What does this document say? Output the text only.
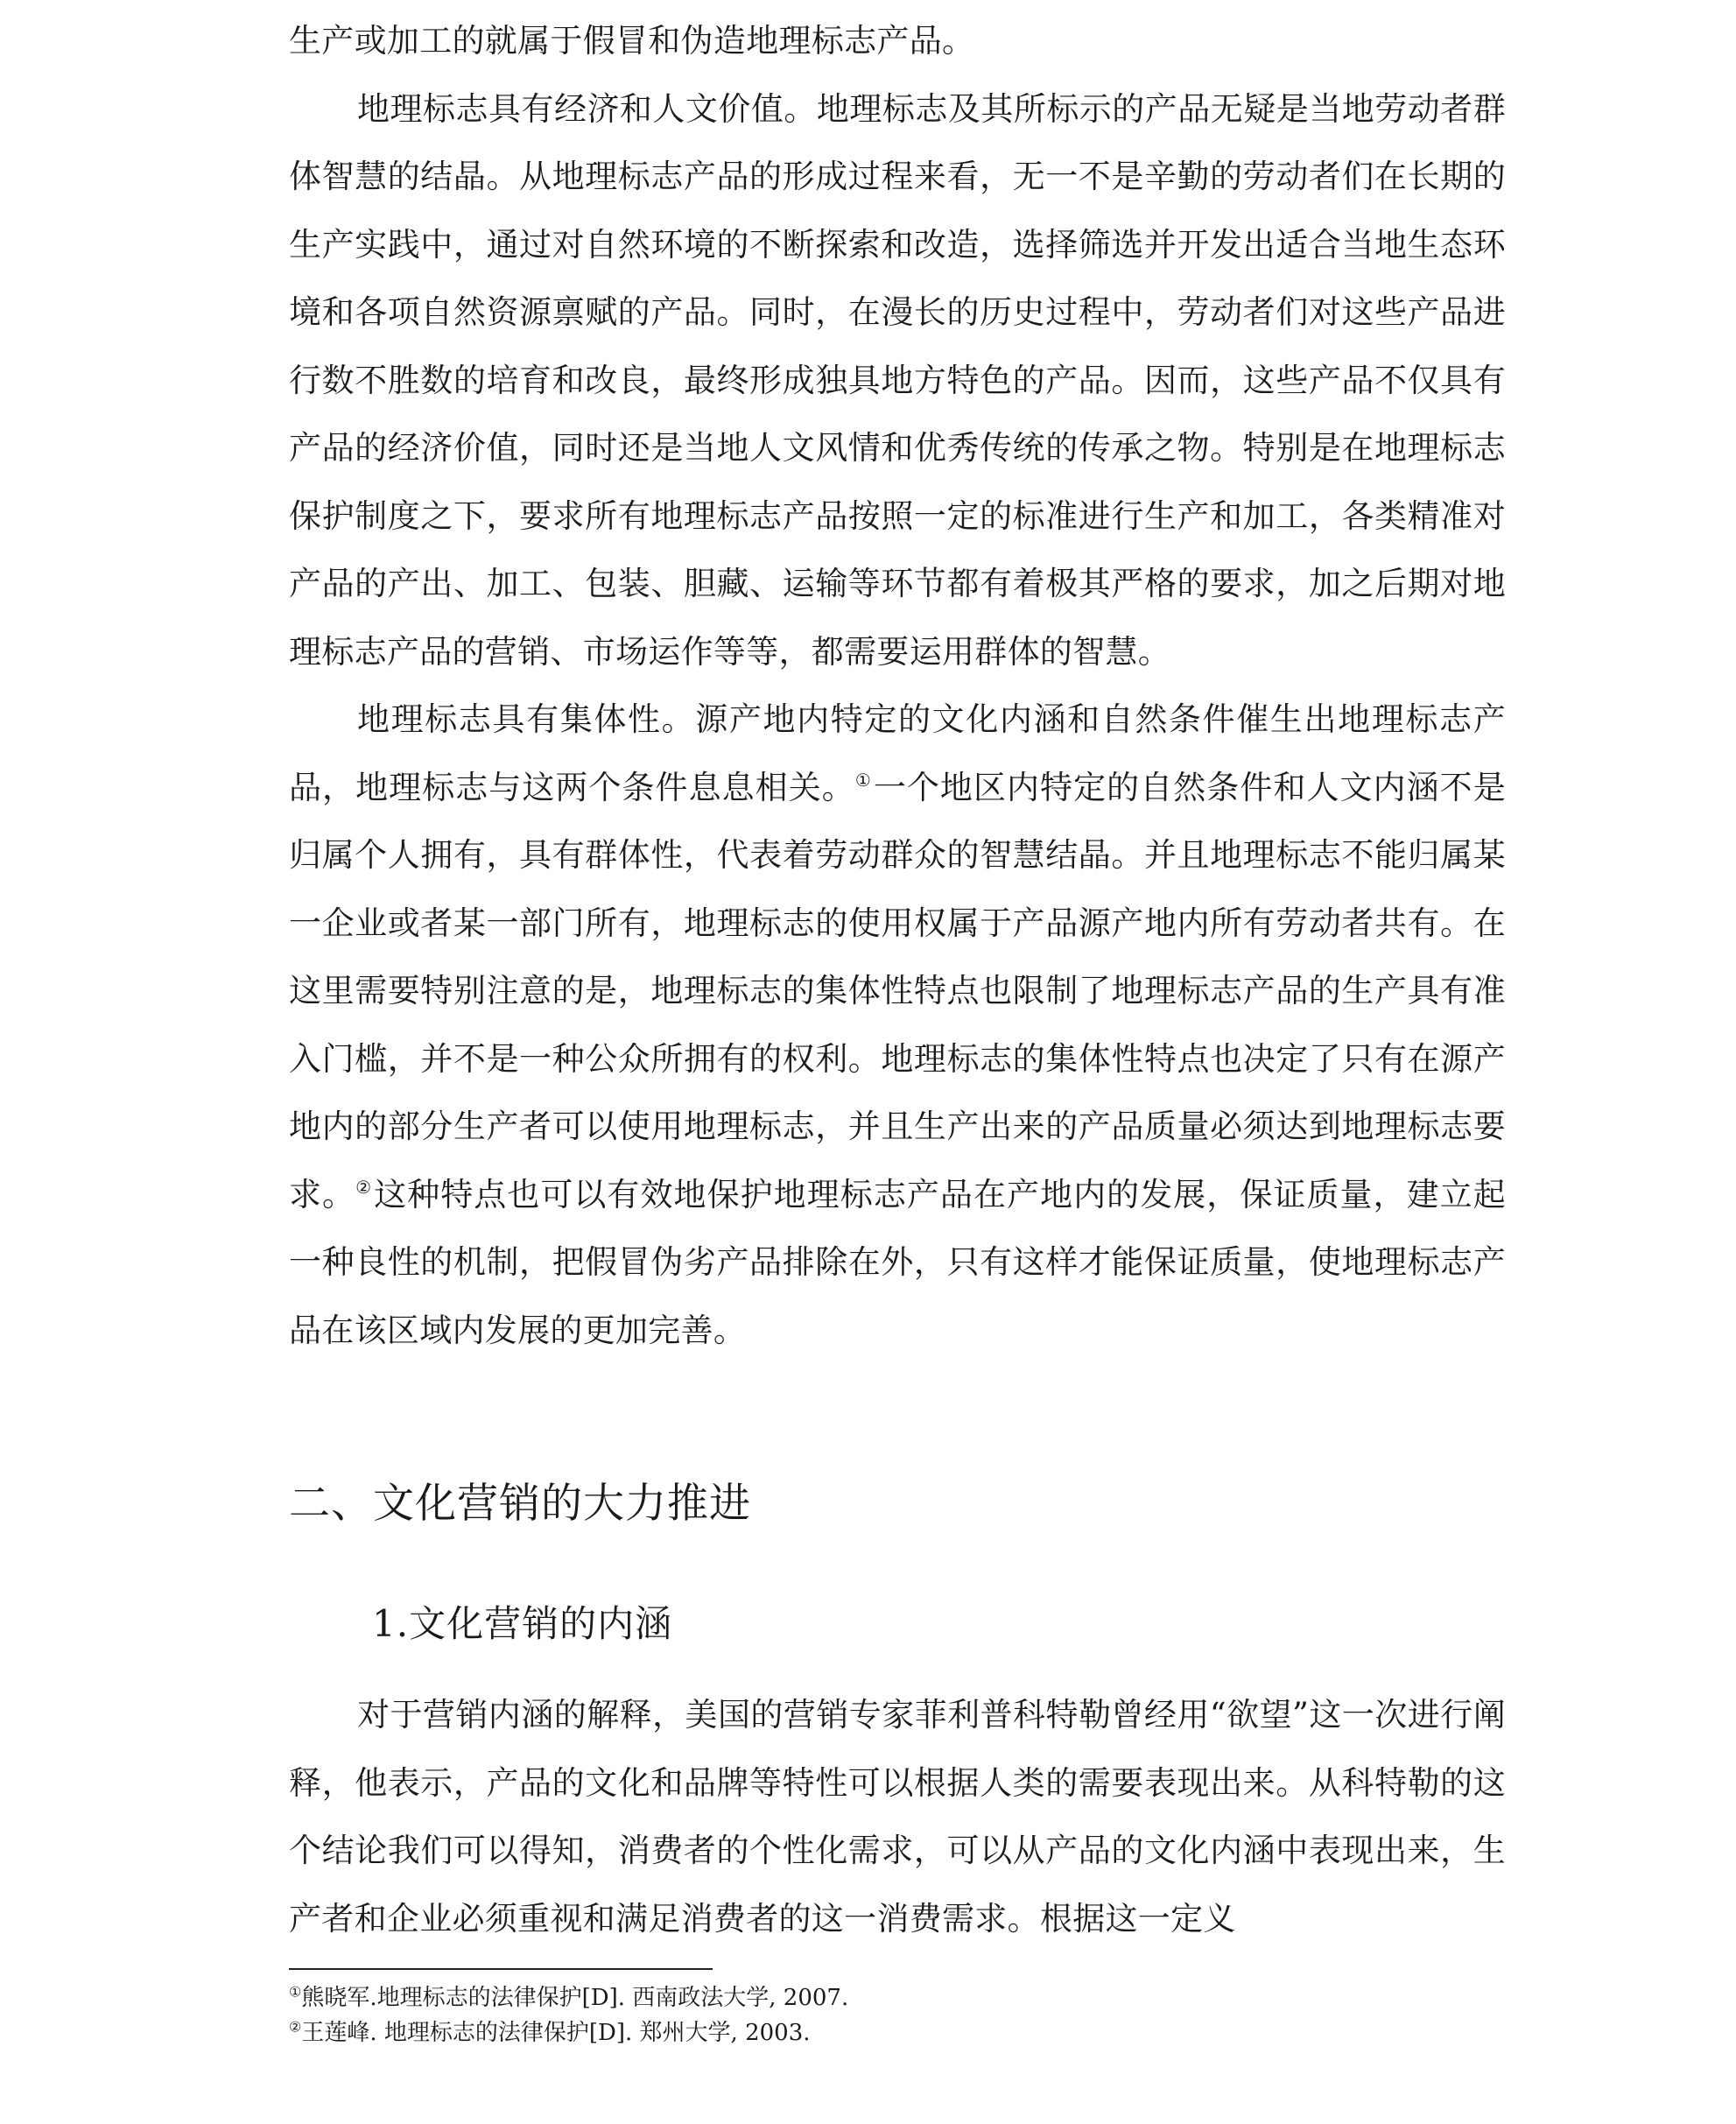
生产或加工的就属于假冒和伪造地理标志产品。

地理标志具有经济和人文价值。地理标志及其所标示的产品无疑是当地劳动者群体智慧的结晶。从地理标志产品的形成过程来看，无一不是辛勤的劳动者们在长期的生产实践中，通过对自然环境的不断探索和改造，选择筛选并开发出适合当地生态环境和各项自然资源禀赋的产品。同时，在漫长的历史过程中，劳动者们对这些产品进行数不胜数的培育和改良，最终形成独具地方特色的产品。因而，这些产品不仅具有产品的经济价值，同时还是当地人文风情和优秀传统的传承之物。特别是在地理标志保护制度之下，要求所有地理标志产品按照一定的标准进行生产和加工，各类精准对产品的产出、加工、包装、胆藏、运输等环节都有着极其严格的要求，加之后期对地理标志产品的营销、市场运作等等，都需要运用群体的智慧。

地理标志具有集体性。源产地内特定的文化内涵和自然条件催生出地理标志产品，地理标志与这两个条件息息相关。①一个地区内特定的自然条件和人文内涵不是归属个人拥有，具有群体性，代表着劳动群众的智慧结晶。并且地理标志不能归属某一企业或者某一部门所有，地理标志的使用权属于产品源产地内所有劳动者共有。在这里需要特别注意的是，地理标志的集体性特点也限制了地理标志产品的生产具有准入门槛，并不是一种公众所拥有的权利。地理标志的集体性特点也决定了只有在源产地内的部分生产者可以使用地理标志，并且生产出来的产品质量必须达到地理标志要求。②这种特点也可以有效地保护地理标志产品在产地内的发展，保证质量，建立起一种良性的机制，把假冒伪劣产品排除在外，只有这样才能保证质量，使地理标志产品在该区域内发展的更加完善。

二、文化营销的大力推进
1.文化营销的内涵

对于营销内涵的解释，美国的营销专家菲利普科特勒曾经用“欲望”这一次进行阐释，他表示，产品的文化和品牌等特性可以根据人类的需要表现出来。从科特勒的这个结论我们可以得知，消费者的个性化需求，可以从产品的文化内涵中表现出来，生产者和企业必须重视和满足消费者的这一消费需求。根据这一定义

①熊晓军.地理标志的法律保护[D]. 西南政法大学, 2007.

②王莲峰. 地理标志的法律保护[D]. 郑州大学, 2003.
